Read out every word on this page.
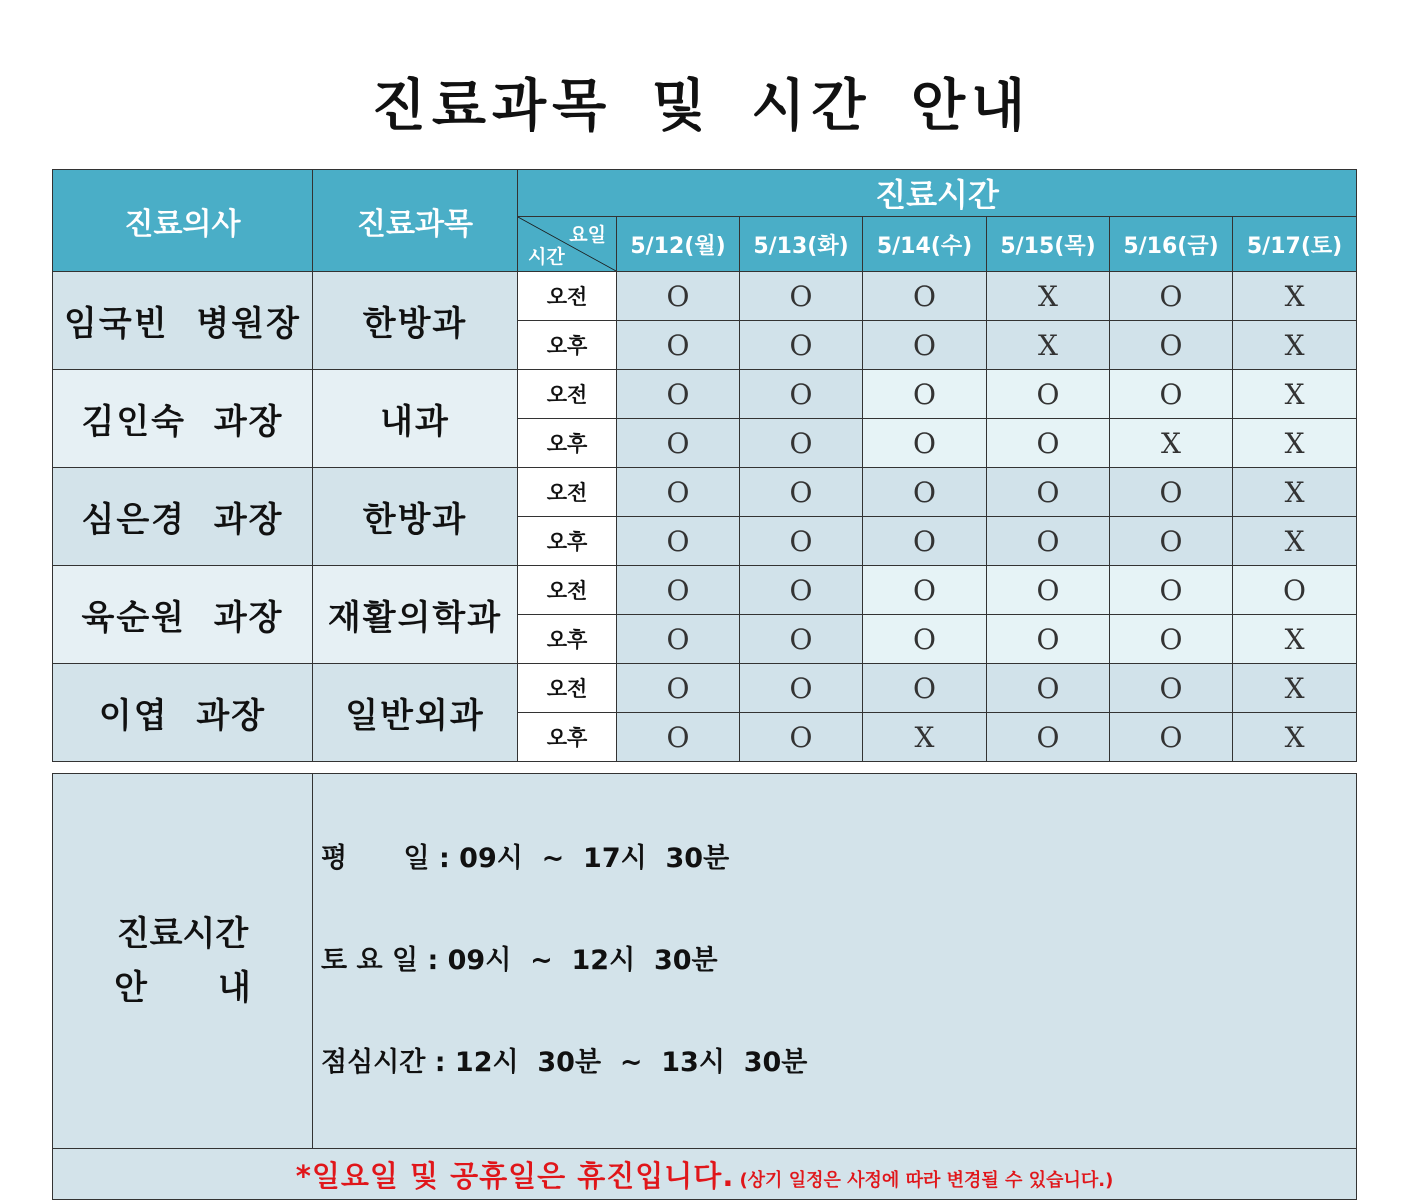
진료과목 및 시간 안내
진료의사	진료과목	진료시간						

		요일
시간	5/12(월)	5/13(화)	5/14(수)	5/15(목)	5/16(금)	5/17(토)
임국빈 병원장	한방과	오전	O	O	O	X	O	X
		오후	O	O	O	X	O	X
김인숙 과장	내과	오전	O	O	O	O	O	X
		오후	O	O	O	O	X	X
심은경 과장	한방과	오전	O	O	O	O	O	X
		오후	O	O	O	O	O	X
육순원 과장	재활의학과	오전	O	O	O	O	O	O
		오후	O	O	O	O	O	X
이엽 과장	일반외과	오전	O	O	O	O	O	X
		오후	O	O	X	O	O	X
진료시간
안      내

평      일 : 09시  ~  17시  30분

토 요 일 : 09시  ~  12시  30분

점심시간 : 12시  30분  ~  13시  30분

*일요일 및 공휴일은 휴진입니다. (상기 일정은 사정에 따라 변경될 수 있습니다.)
